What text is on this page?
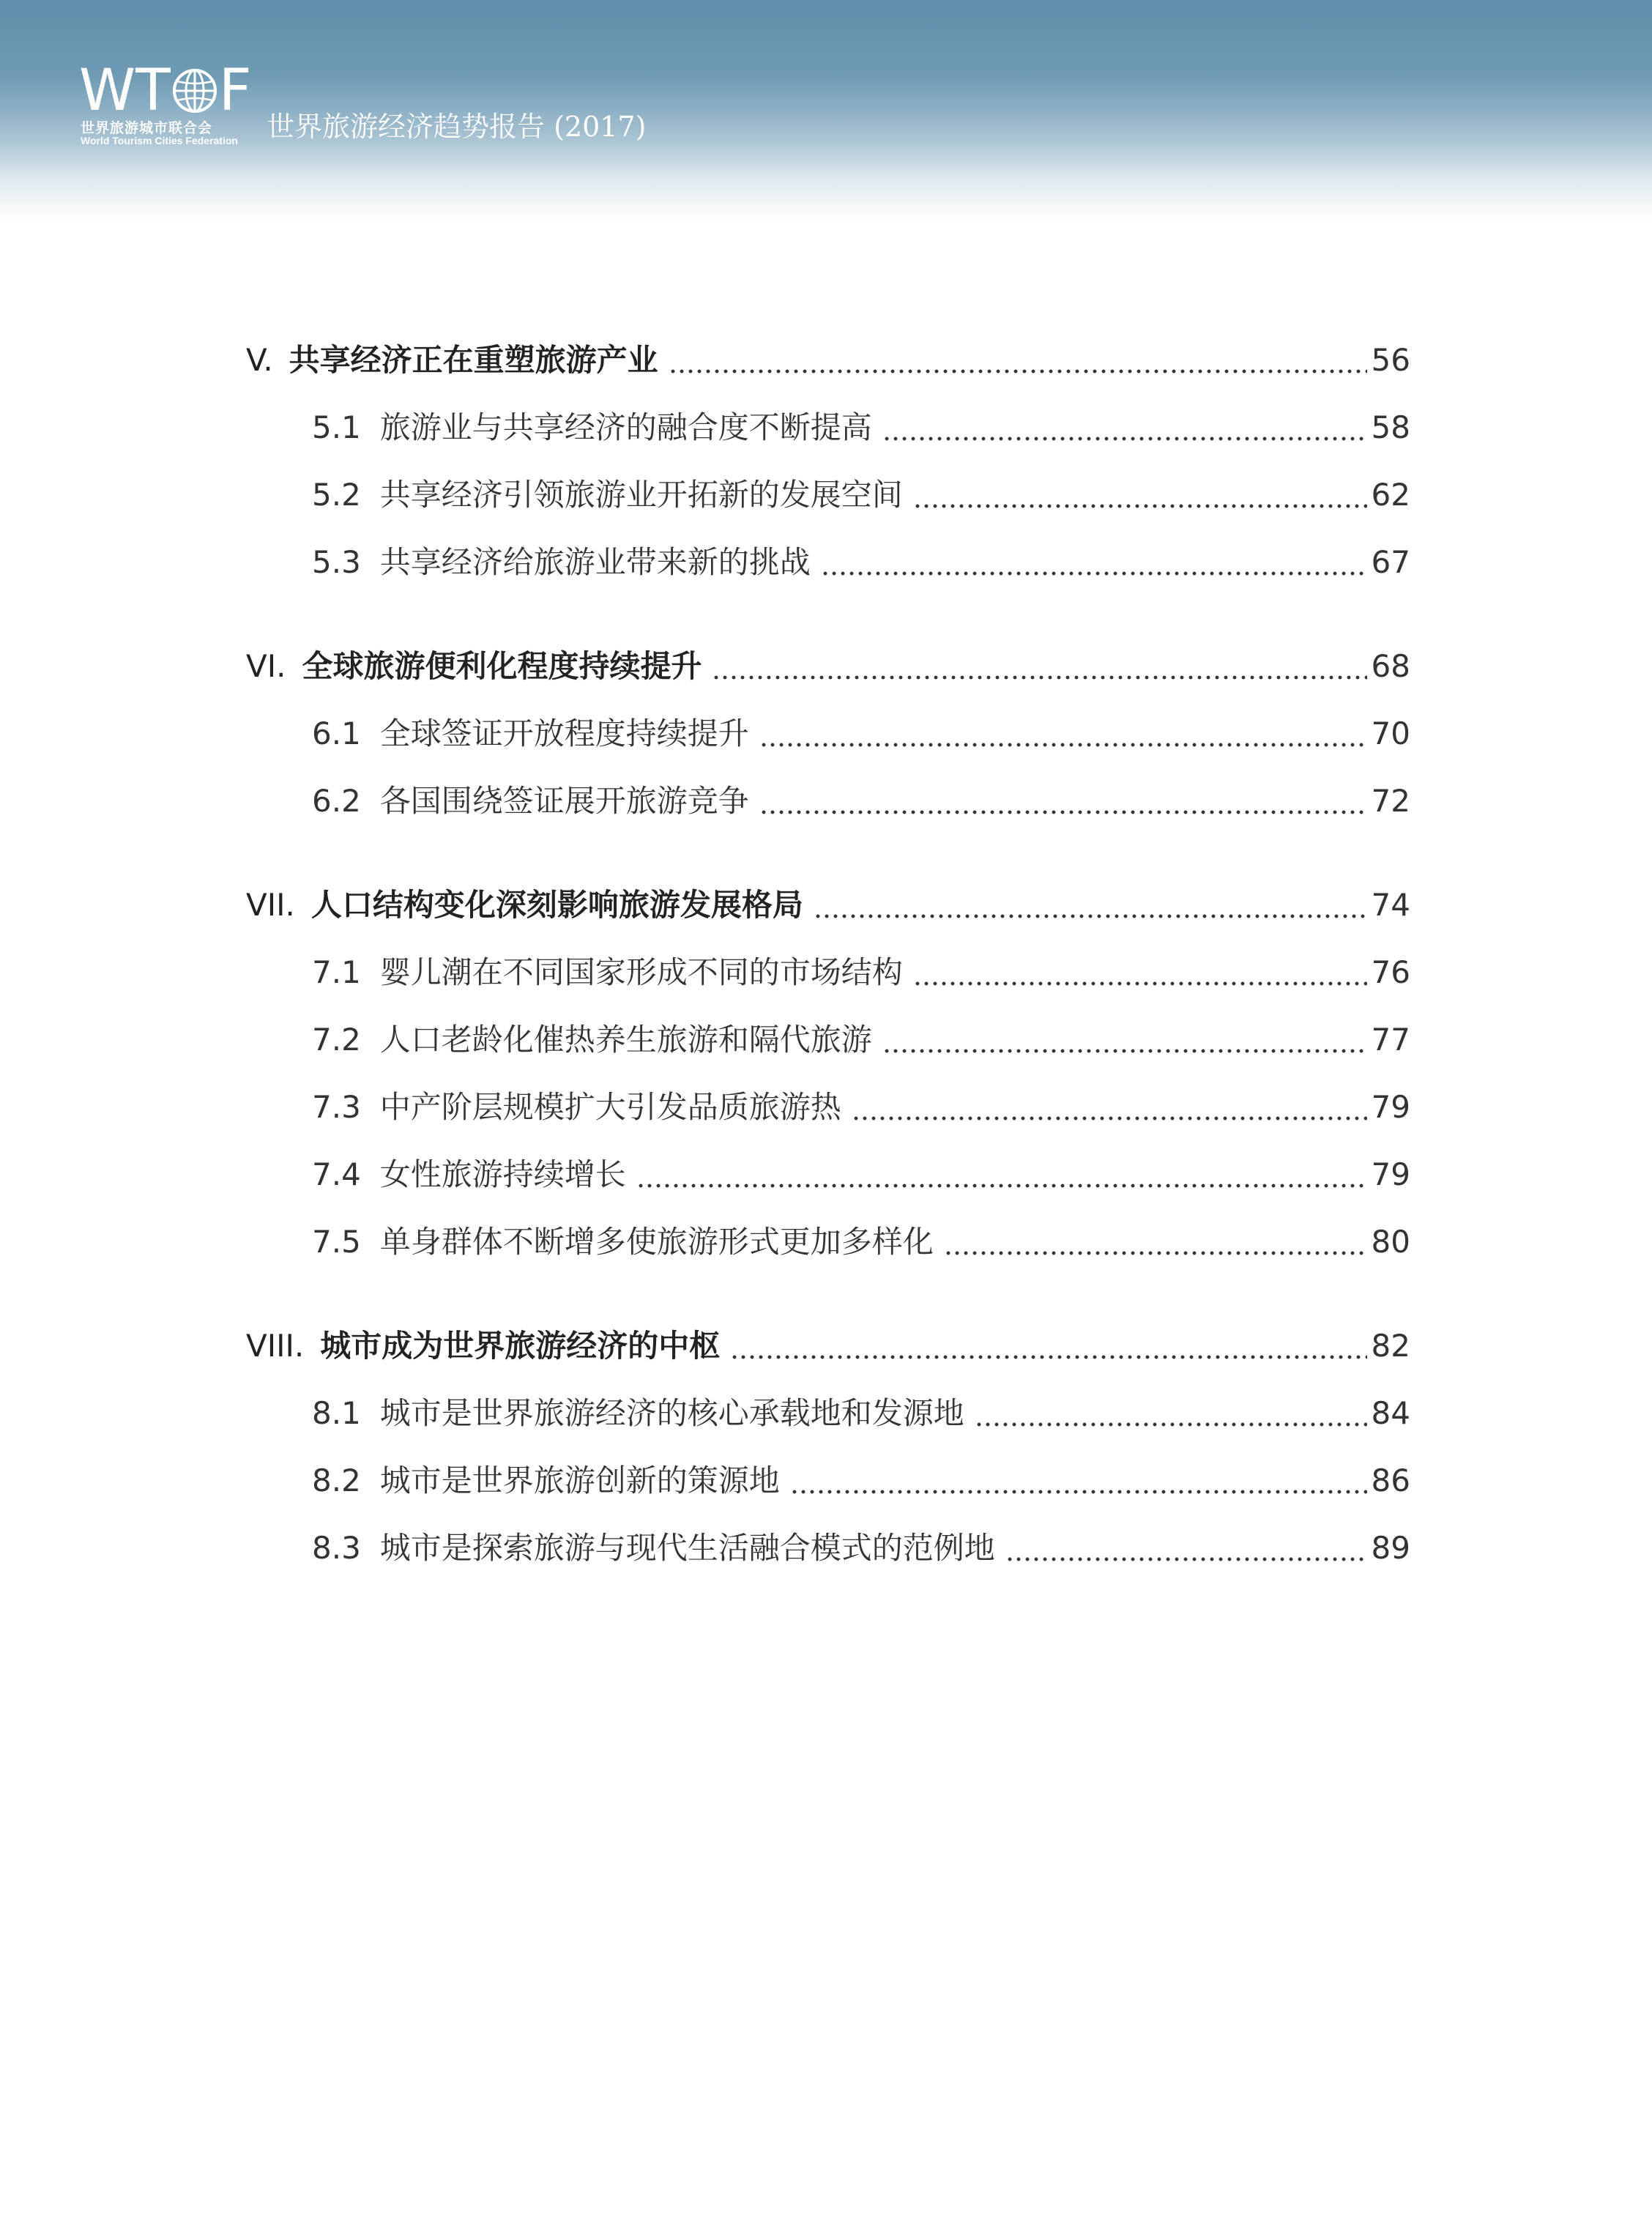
WT F
世界旅游城市联合会
World Tourism Cities Federation	世界旅游经济趋势报告 (2017)
V. 共享经济正在重塑旅游产业	56
5.1 旅游业与共享经济的融合度不断提高	58
5.2 共享经济引领旅游业开拓新的发展空间	62
5.3 共享经济给旅游业带来新的挑战	67
VI. 全球旅游便利化程度持续提升	68
6.1 全球签证开放程度持续提升	70
6.2 各国围绕签证展开旅游竞争	72
VII. 人口结构变化深刻影响旅游发展格局	74
7.1 婴儿潮在不同国家形成不同的市场结构	76
7.2 人口老龄化催热养生旅游和隔代旅游	77
7.3 中产阶层规模扩大引发品质旅游热	79
7.4 女性旅游持续增长	79
7.5 单身群体不断增多使旅游形式更加多样化	80
VIII. 城市成为世界旅游经济的中枢	82
8.1 城市是世界旅游经济的核心承载地和发源地	84
8.2 城市是世界旅游创新的策源地	86
8.3 城市是探索旅游与现代生活融合模式的范例地	89
